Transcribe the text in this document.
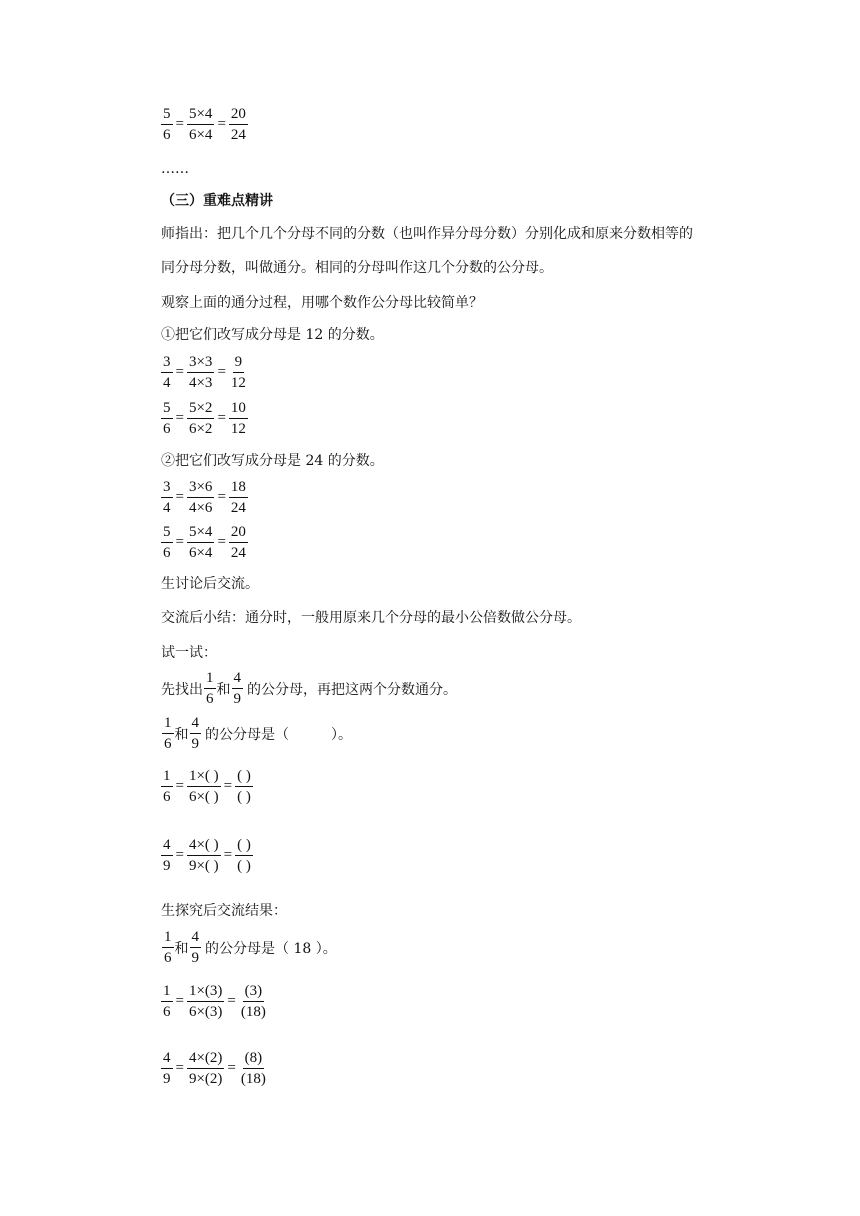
$\frac{5}{6} = \frac{5\times 4}{6\times 4} = \frac{20}{24}$
……
（三）重难点精讲
师指出：把几个几个分母不同的分数（也叫作异分母分数）分别化成和原来分数相等的
同分母分数，叫做通分。相同的分母叫作这几个分数的公分母。
观察上面的通分过程，用哪个数作公分母比较简单？
①把它们改写成分母是 12 的分数。
$\frac{3}{4} = \frac{3\times 3}{4\times 3} = \frac{9}{12}$
$\frac{5}{6} = \frac{5\times 2}{6\times 2} = \frac{10}{12}$
②把它们改写成分母是 24 的分数。
$\frac{3}{4} = \frac{3\times 6}{4\times 6} = \frac{18}{24}$
$\frac{5}{6} = \frac{5\times 4}{6\times 4} = \frac{20}{24}$
生讨论后交流。
交流后小结：通分时，一般用原来几个分母的最小公倍数做公分母。
试一试：
先找出 $\frac{1}{6}$ 和 $\frac{4}{9}$ 的公分母，再把这两个分数通分。
$\frac{1}{6}$ 和 $\frac{4}{9}$ 的公分母是（　　　）。
$\frac{1}{6} = \frac{1\times( )}{6\times( )} = \frac{( )}{( )}$
$\frac{4}{9} = \frac{4\times( )}{9\times( )} = \frac{( )}{( )}$
生探究后交流结果：
$\frac{1}{6}$ 和 $\frac{4}{9}$ 的公分母是（ 18 ）。
$\frac{1}{6} = \frac{1\times(3)}{6\times(3)} = \frac{(3)}{(18)}$
$\frac{4}{9} = \frac{4\times(2)}{9\times(2)} = \frac{(8)}{(18)}$
